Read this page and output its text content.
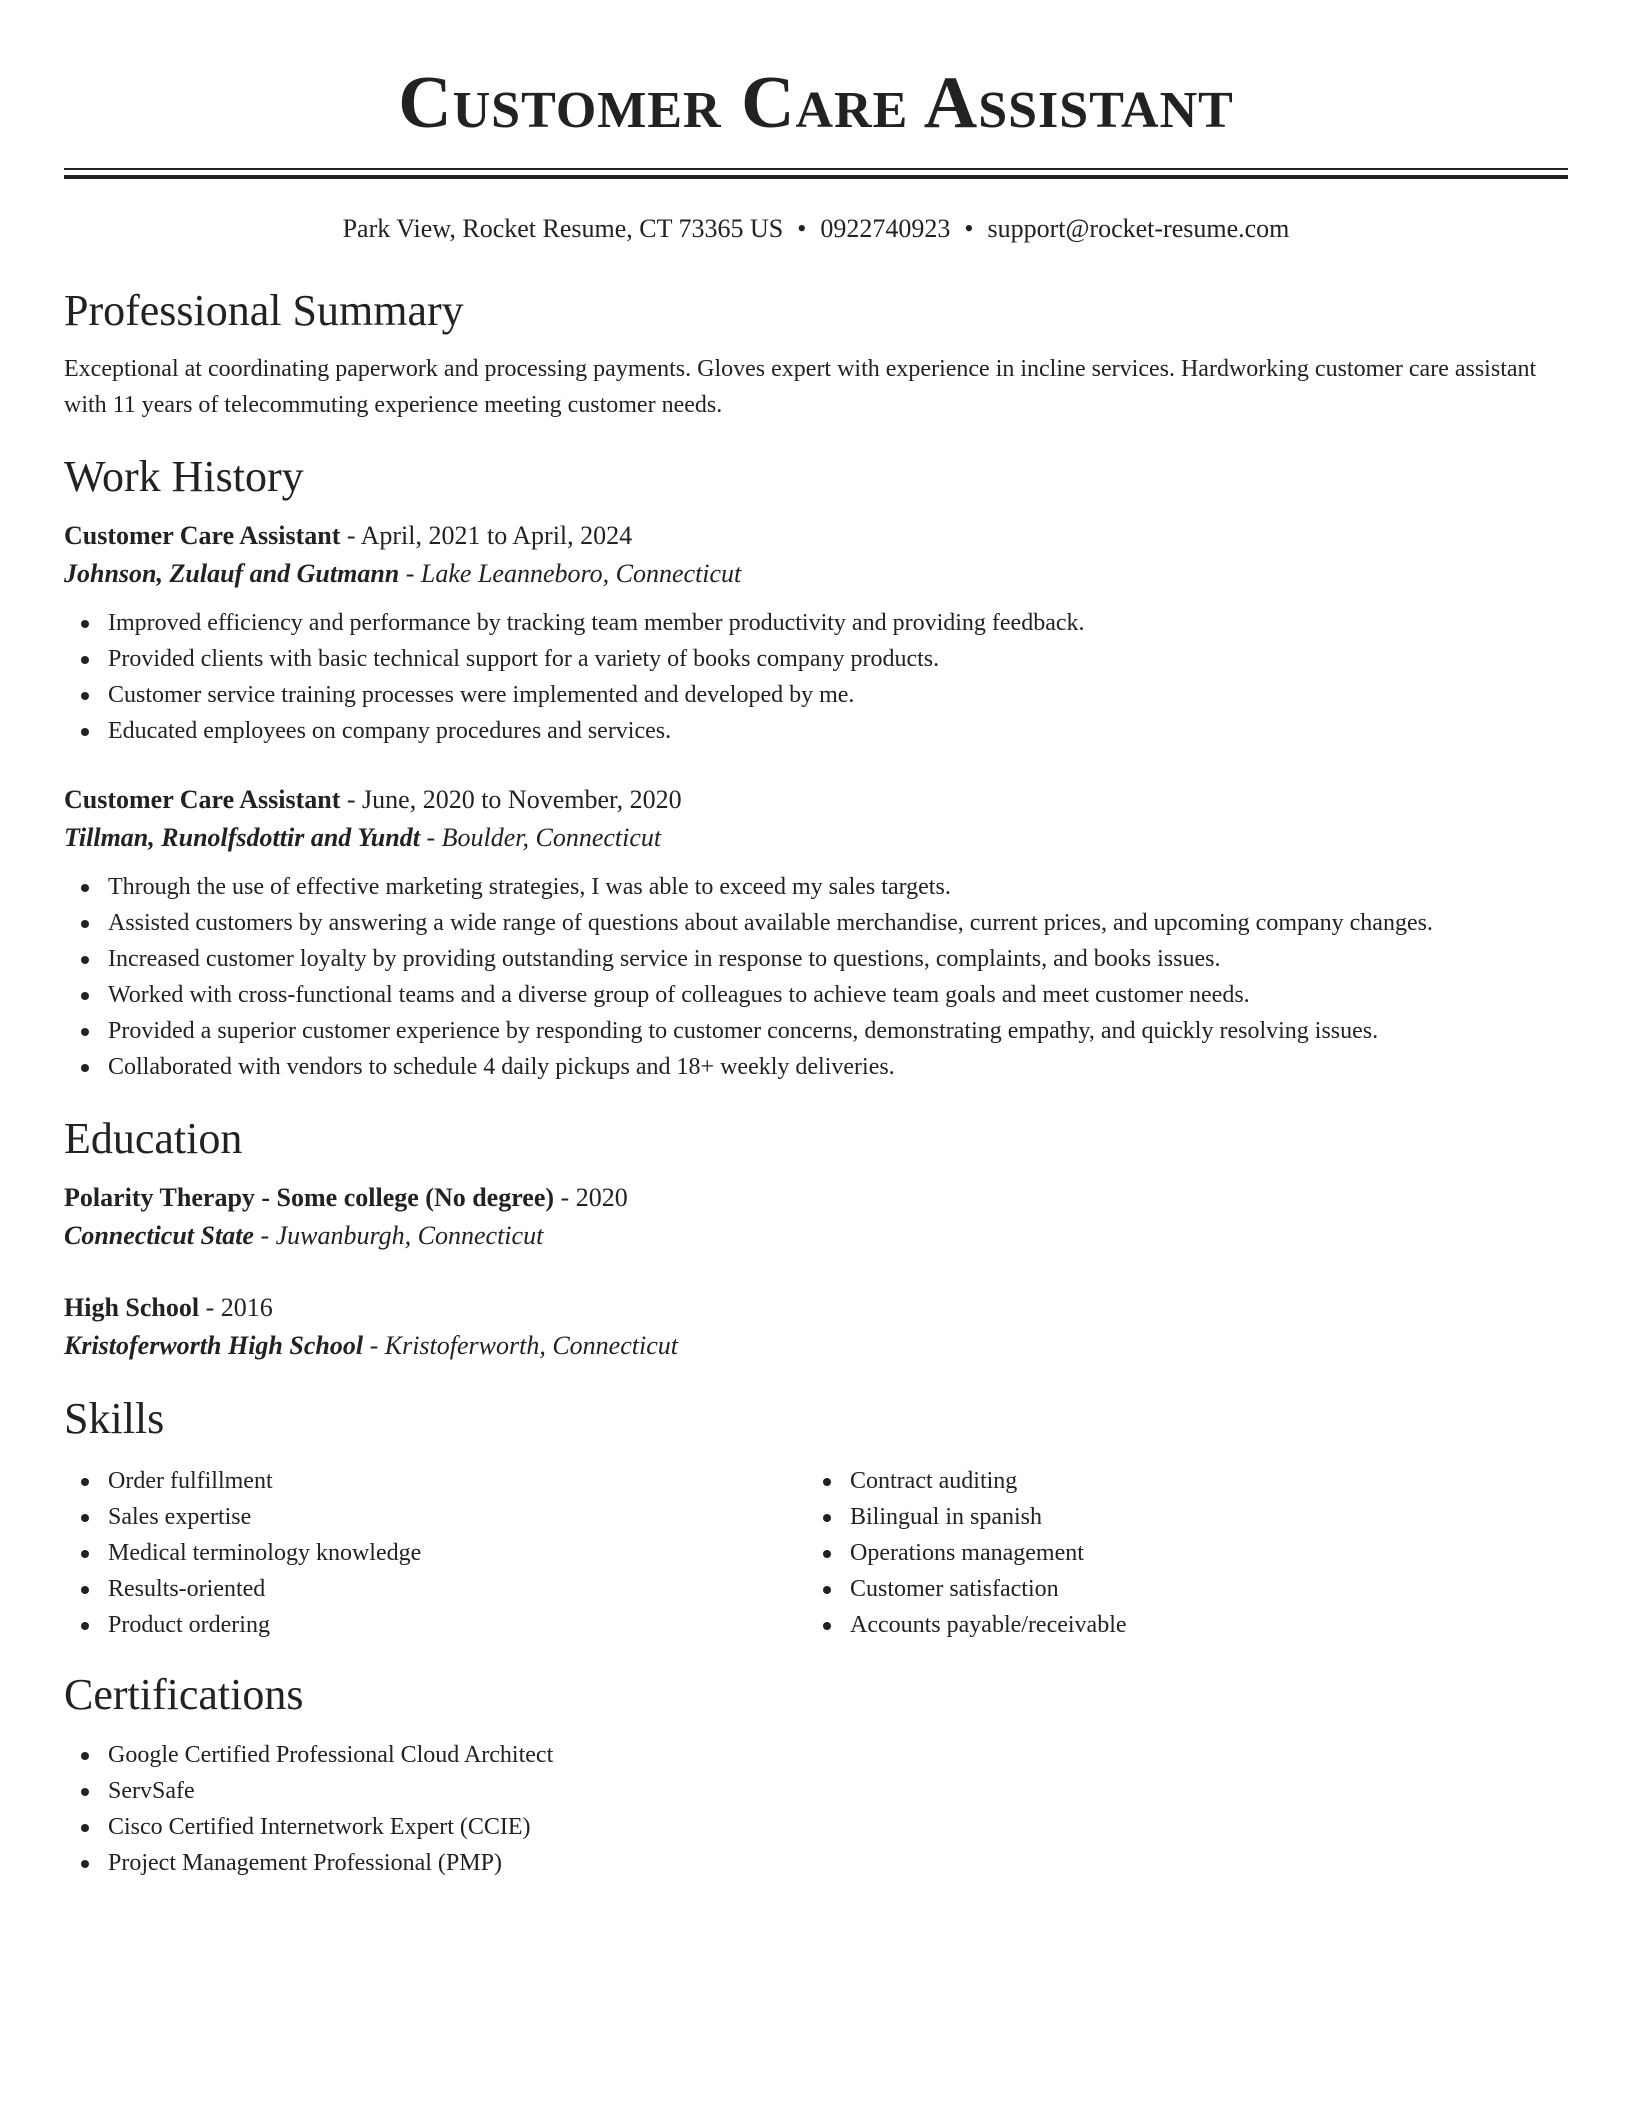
Customer Care Assistant
Park View, Rocket Resume, CT 73365 US • 0922740923 • support@rocket-resume.com
Professional Summary
Exceptional at coordinating paperwork and processing payments. Gloves expert with experience in incline services. Hardworking customer care assistant with 11 years of telecommuting experience meeting customer needs.
Work History
Customer Care Assistant - April, 2021 to April, 2024
Johnson, Zulauf and Gutmann - Lake Leanneboro, Connecticut
Improved efficiency and performance by tracking team member productivity and providing feedback.
Provided clients with basic technical support for a variety of books company products.
Customer service training processes were implemented and developed by me.
Educated employees on company procedures and services.
Customer Care Assistant - June, 2020 to November, 2020
Tillman, Runolfsdottir and Yundt - Boulder, Connecticut
Through the use of effective marketing strategies, I was able to exceed my sales targets.
Assisted customers by answering a wide range of questions about available merchandise, current prices, and upcoming company changes.
Increased customer loyalty by providing outstanding service in response to questions, complaints, and books issues.
Worked with cross-functional teams and a diverse group of colleagues to achieve team goals and meet customer needs.
Provided a superior customer experience by responding to customer concerns, demonstrating empathy, and quickly resolving issues.
Collaborated with vendors to schedule 4 daily pickups and 18+ weekly deliveries.
Education
Polarity Therapy - Some college (No degree) - 2020
Connecticut State - Juwanburgh, Connecticut
High School - 2016
Kristoferworth High School - Kristoferworth, Connecticut
Skills
Order fulfillment
Sales expertise
Medical terminology knowledge
Results-oriented
Product ordering
Contract auditing
Bilingual in spanish
Operations management
Customer satisfaction
Accounts payable/receivable
Certifications
Google Certified Professional Cloud Architect
ServSafe
Cisco Certified Internetwork Expert (CCIE)
Project Management Professional (PMP)
